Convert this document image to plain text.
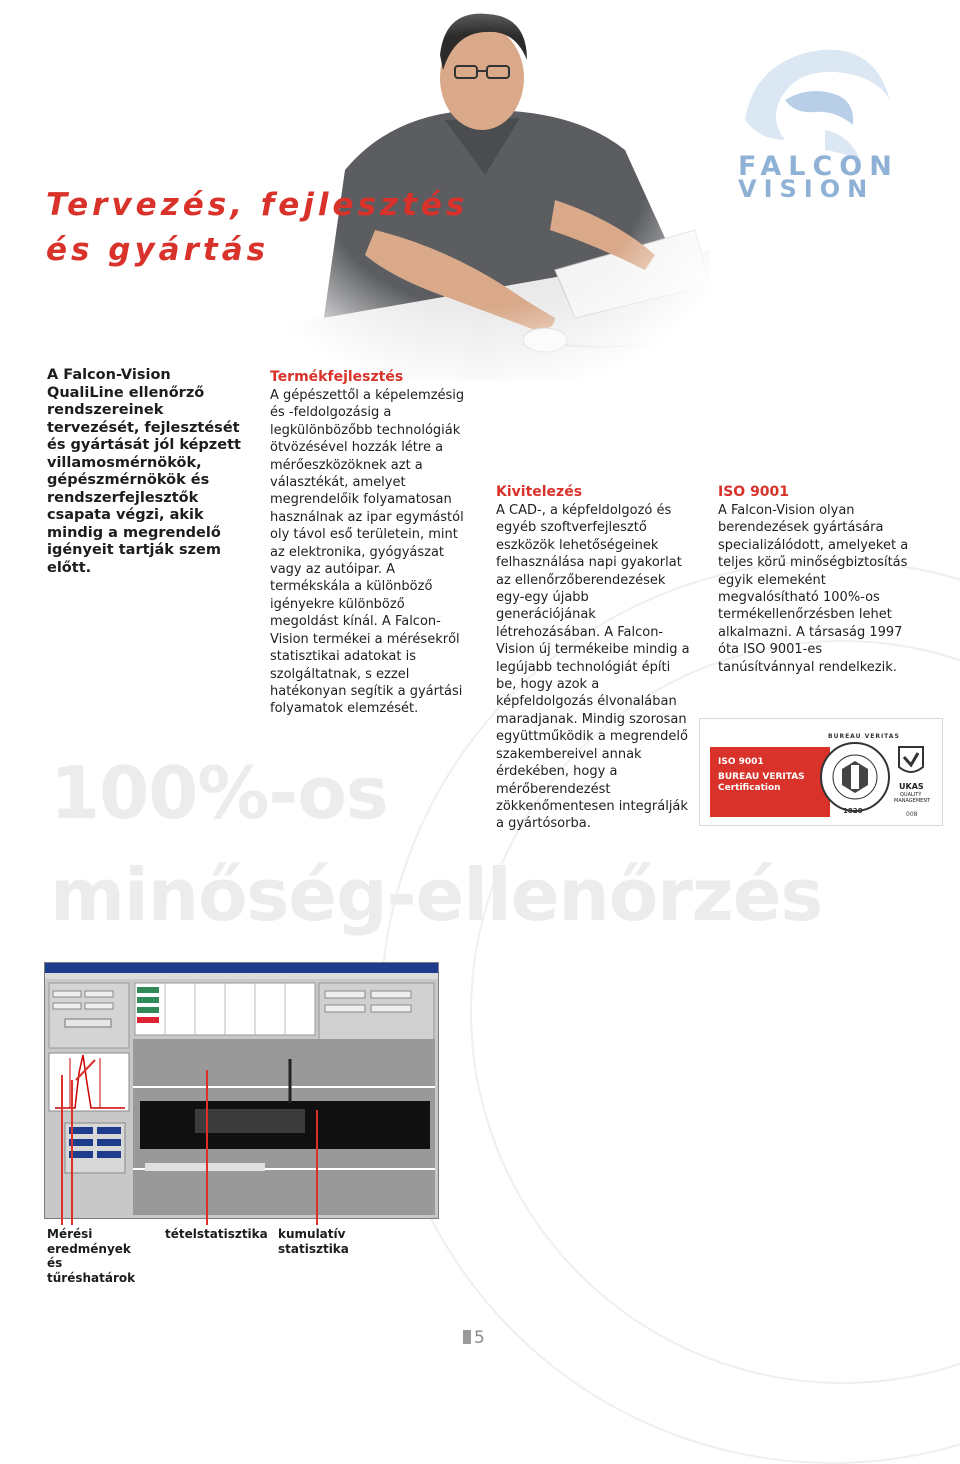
FALCON
VISION
Tervezés, fejlesztés
és gyártás

A Falcon-Vision QualiLine ellenőrző rendszereinek tervezését, fejlesztését és gyártását jól képzett villamosmérnökök, gépészmérnökök és rendszerfejlesztők csapata végzi, akik mindig a megrendelő igényeit tartják szem előtt.

Termékfejlesztés

A gépészettől a képelemzésig és -feldolgozásig a legkülönbözőbb technológiák ötvözésével hozzák létre a mérőeszközöknek azt a választékát, amelyet megrendelőik folyamatosan használnak az ipar egymástól oly távol eső területein, mint az elektronika, gyógyászat vagy az autóipar. A termékskála a különböző igényekre különböző megoldást kínál. A Falcon-Vision termékei a mérésekről statisztikai adatokat is szolgáltatnak, s ezzel hatékonyan segítik a gyártási folyamatok elemzését.

Kivitelezés

A CAD-, a képfeldolgozó és egyéb szoftverfejlesztő eszközök lehetőségeinek felhasználása napi gyakorlat az ellenőrzőberendezések egy-egy újabb generációjának létrehozásában. A Falcon-Vision új termékeibe mindig a legújabb technológiát építi be, hogy azok a képfeldolgozás élvonalában maradjanak. Mindig szorosan együttműködik a megrendelő szakembereivel annak érdekében, hogy a mérőberendezést zökkenőmentesen integrálják a gyártósorba.

ISO 9001

A Falcon-Vision olyan berendezések gyártására specializálódott, amelyeket a teljes körű minőségbiztosítás egyik elemeként megvalósítható 100%-os termékellenőrzésben lehet alkalmazni. A társaság 1997 óta ISO 9001-es tanúsítvánnyal rendelkezik.

100%-os
minőség-ellenőrzés
ISO 9001
BUREAU VERITAS
Certification
BUREAU VERITAS
1828
UKAS
QUALITY
MANAGEMENT
008

Mérési eredmények és tűréshatárok

tételstatisztika kumulatív statisztika

5
